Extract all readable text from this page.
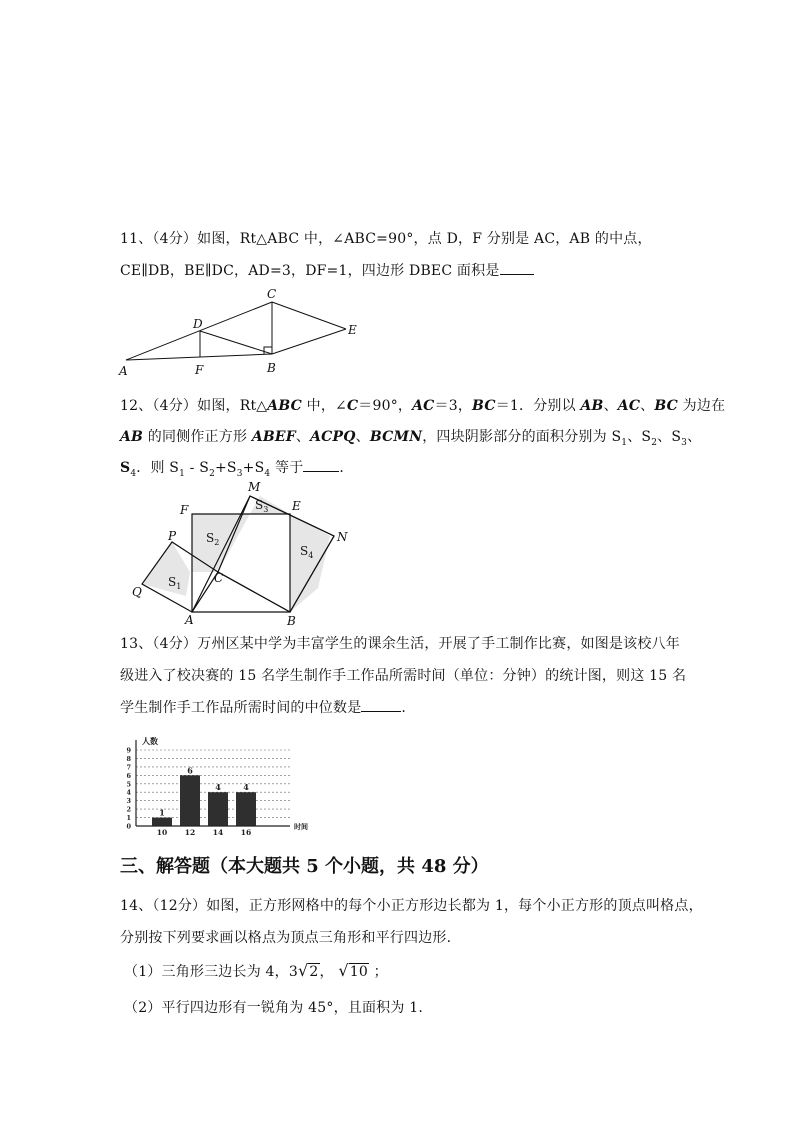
11、（4分）如图，Rt△ABC 中，∠ABC=90°，点 D，F 分别是 AC，AB 的中点，
CE∥DB，BE∥DC，AD=3，DF=1，四边形 DBEC 面积是
C
D	E
A	F	B
12、（4分）如图，Rt△ABC 中，∠C＝90°，AC＝3，BC＝1．分别以 AB、AC、BC 为边在
AB 的同侧作正方形 ABEF、ACPQ、BCMN，四块阴影部分的面积分别为 $S_1$、$S_2$、$S_3$、
$S_4$．则 $S_1 - S_2+S_3+S_4$ 等于	．
M
E
F
P	N
Q
C
A	B
$S_1$
$S_2$
$S_3$
$S_4$
13、（4分）万州区某中学为丰富学生的课余生活，开展了手工制作比赛，如图是该校八年
级进入了校决赛的 15 名学生制作手工作品所需时间（单位：分钟）的统计图，则这 15 名
学生制作手工作品所需时间的中位数是	.
1
6
4	4
0
1
2
3
4
5
6
7
8
9
10 12 14 16
人数
时间
三、解答题（本大题共 5 个小题，共 48 分）
14、（12分）如图，正方形网格中的每个小正方形边长都为 1，每个小正方形的顶点叫格点，
分别按下列要求画以格点为顶点三角形和平行四边形.
（1）三角形三边长为 4，3√2， √10 ；
（2）平行四边形有一锐角为 45°，且面积为 1.
